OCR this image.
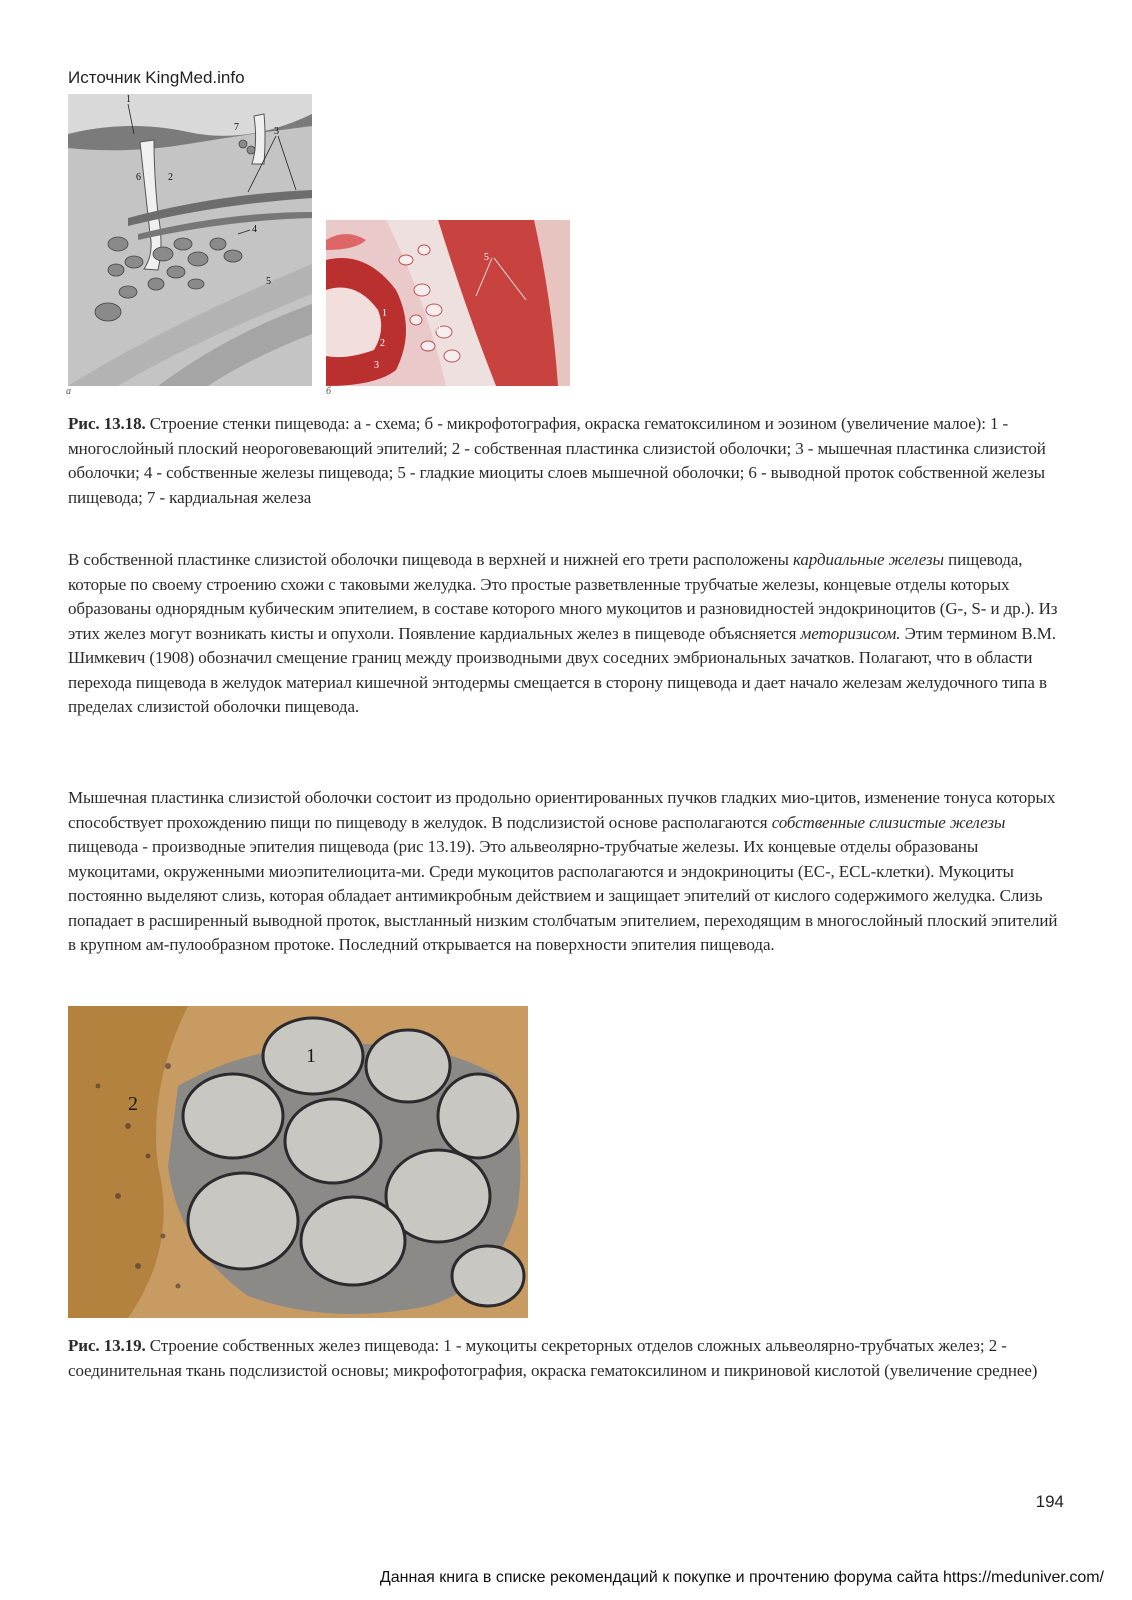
Источник KingMed.info
1
2
3
4
5
6
7
а
1
2
3
4
5
б

Рис. 13.18. Строение стенки пищевода: а - схема; б - микрофотография, окраска гематоксилином и эозином (увеличение малое): 1 - многослойный плоский неороговевающий эпителий; 2 - собственная пластинка слизистой оболочки; 3 - мышечная пластинка слизистой оболочки; 4 - собственные железы пищевода; 5 - гладкие миоциты слоев мышечной оболочки; 6 - выводной проток собственной железы пищевода; 7 - кардиальная железа

В собственной пластинке слизистой оболочки пищевода в верхней и нижней его трети расположены кардиальные железы пищевода, которые по своему строению схожи с таковыми желудка. Это простые разветвленные трубчатые железы, концевые отделы которых образованы однорядным кубическим эпителием, в составе которого много мукоцитов и разновидностей эндокриноцитов (G-, S- и др.). Из этих желез могут возникать кисты и опухоли. Появление кардиальных желез в пищеводе объясняется меторизисом. Этим термином В.М. Шимкевич (1908) обозначил смещение границ между производными двух соседних эмбриональных зачатков. Полагают, что в области перехода пищевода в желудок материал кишечной энтодермы смещается в сторону пищевода и дает начало железам желудочного типа в пределах слизистой оболочки пищевода.

Мышечная пластинка слизистой оболочки состоит из продольно ориентированных пучков гладких мио-цитов, изменение тонуса которых способствует прохождению пищи по пищеводу в желудок. В подслизистой основе располагаются собственные слизистые железы пищевода - производные эпителия пищевода (рис 13.19). Это альвеолярно-трубчатые железы. Их концевые отделы образованы мукоцитами, окруженными миоэпителиоцита-ми. Среди мукоцитов располагаются и эндокриноциты (ЕС-, ECL-клетки). Мукоциты постоянно выделяют слизь, которая обладает антимикробным действием и защищает эпителий от кислого содержимого желудка. Слизь попадает в расширенный выводной проток, выстланный низким столбчатым эпителием, переходящим в многослойный плоский эпителий в крупном ам-пулообразном протоке. Последний открывается на поверхности эпителия пищевода.

1
2

Рис. 13.19. Строение собственных желез пищевода: 1 - мукоциты секреторных отделов сложных альвеолярно-трубчатых желез; 2 - соединительная ткань подслизистой основы; микрофотография, окраска гематоксилином и пикриновой кислотой (увеличение среднее)

194
Данная книга в списке рекомендаций к покупке и прочтению форума сайта https://meduniver.com/
